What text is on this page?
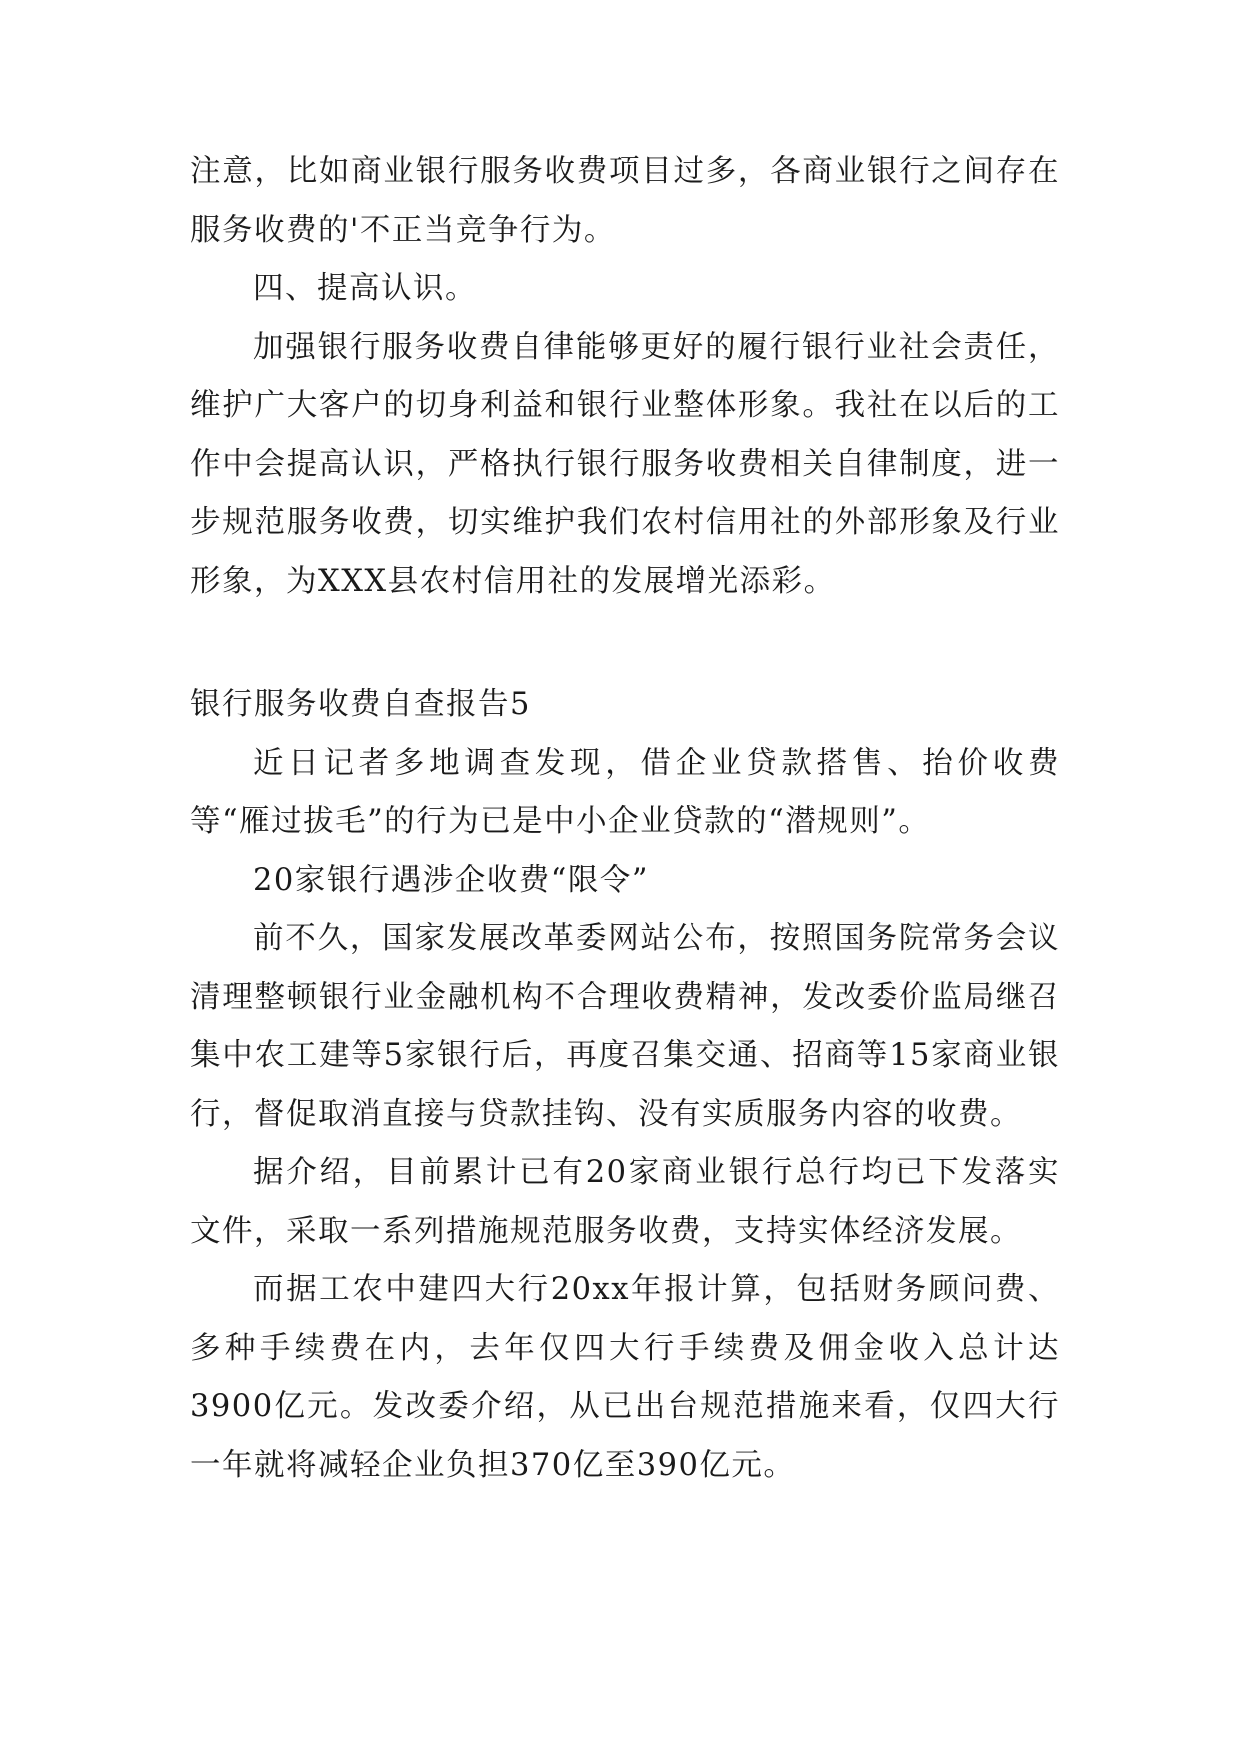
注意，比如商业银行服务收费项目过多，各商业银行之间存在服务收费的'不正当竞争行为。

四、提高认识。

加强银行服务收费自律能够更好的履行银行业社会责任，维护广大客户的切身利益和银行业整体形象。我社在以后的工作中会提高认识，严格执行银行服务收费相关自律制度，进一步规范服务收费，切实维护我们农村信用社的外部形象及行业形象，为XXX县农村信用社的发展增光添彩。

银行服务收费自查报告5

近日记者多地调查发现，借企业贷款搭售、抬价收费等“雁过拔毛”的行为已是中小企业贷款的“潜规则”。

20家银行遇涉企收费“限令”

前不久，国家发展改革委网站公布，按照国务院常务会议清理整顿银行业金融机构不合理收费精神，发改委价监局继召集中农工建等5家银行后，再度召集交通、招商等15家商业银行，督促取消直接与贷款挂钩、没有实质服务内容的收费。

据介绍，目前累计已有20家商业银行总行均已下发落实文件，采取一系列措施规范服务收费，支持实体经济发展。

而据工农中建四大行20xx年报计算，包括财务顾问费、多种手续费在内，去年仅四大行手续费及佣金收入总计达3900亿元。发改委介绍，从已出台规范措施来看，仅四大行一年就将减轻企业负担370亿至390亿元。
